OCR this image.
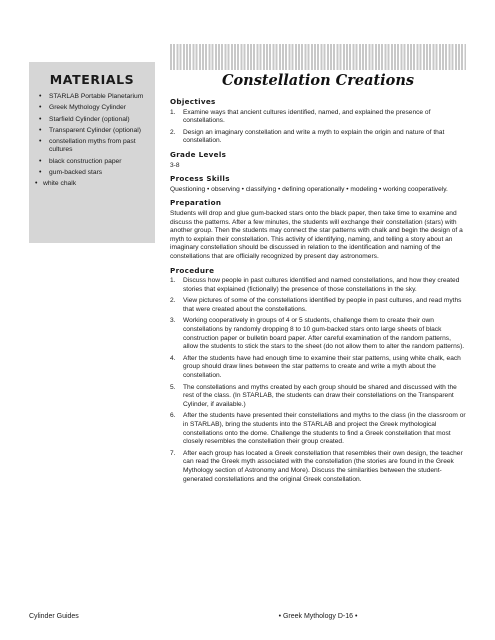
MATERIALS
• STARLAB Portable Planetarium
• Greek Mythology Cylinder
• Starfield Cylinder (optional)
• Transparent Cylinder (optional)
• constellation myths from past cultures
• black construction paper
• gum-backed stars
• white chalk
Constellation Creations
Objectives
1. Examine ways that ancient cultures identified, named, and explained the presence of constellations.
2. Design an imaginary constellation and write a myth to explain the origin and nature of that constellation.
Grade Levels
3-8
Process Skills
Questioning • observing • classifying • defining operationally • modeling • working cooperatively.
Preparation
Students will drop and glue gum-backed stars onto the black paper, then take time to examine and discuss the patterns. After a few minutes, the students will exchange their constellation (stars) with another group. Then the students may connect the star patterns with chalk and begin the design of a myth to explain their constellation. This activity of identifying, naming, and telling a story about an imaginary constellation should be discussed in relation to the identification and naming of the constellations that are officially recognized by present day astronomers.
Procedure
1. Discuss how people in past cultures identified and named constellations, and how they created stories that explained (fictionally) the presence of those constellations in the sky.
2. View pictures of some of the constellations identified by people in past cultures, and read myths that were created about the constellations.
3. Working cooperatively in groups of 4 or 5 students, challenge them to create their own constellations by randomly dropping 8 to 10 gum-backed stars onto large sheets of black construction paper or bulletin board paper. After careful examination of the random patterns, allow the students to stick the stars to the sheet (do not allow them to alter the random patterns).
4. After the students have had enough time to examine their star patterns, using white chalk, each group should draw lines between the star patterns to create and write a myth about the constellation.
5. The constellations and myths created by each group should be shared and discussed with the rest of the class. (In STARLAB, the students can draw their constellations on the Transparent Cylinder, if available.)
6. After the students have presented their constellations and myths to the class (in the classroom or in STARLAB), bring the students into the STARLAB and project the Greek mythological constellations onto the dome. Challenge the students to find a Greek constellation that most closely resembles the constellation their group created.
7. After each group has located a Greek constellation that resembles their own design, the teacher can read the Greek myth associated with the constellation (the stories are found in the Greek Mythology section of Astronomy and More). Discuss the similarities between the student-generated constellations and the original Greek constellation.
Cylinder Guides	• Greek Mythology D-16 •
